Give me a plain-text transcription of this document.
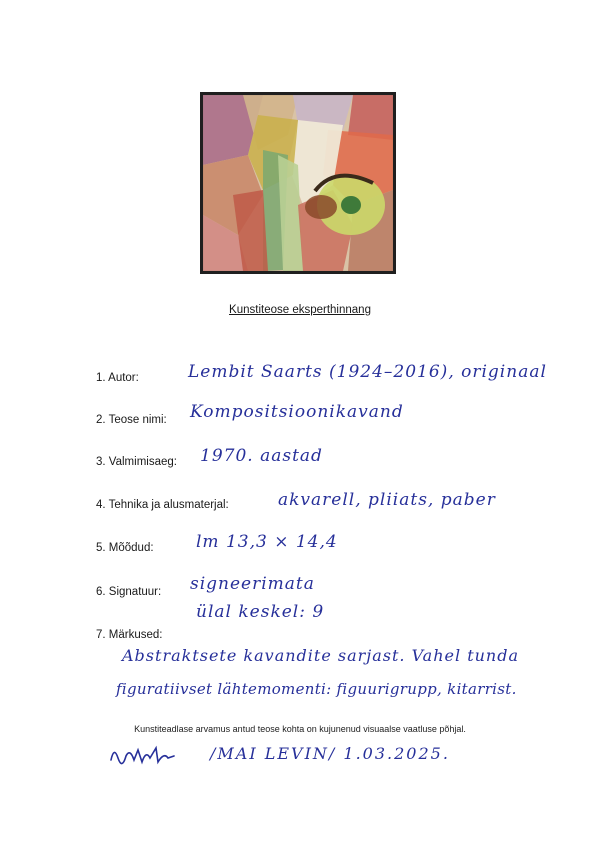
Kunstiteose eksperthinnang
1. Autor:	Lembit Saarts (1924–2016), originaal
2. Teose nimi: Kompositsioonikavand
3. Valmimisaeg: 1970. aastad
4. Tehnika ja alusmaterjal:	akvarell, pliiats, paber
5. Mõõdud: lm 13,3 × 14,4
6. Signatuur: signeerimata
ülal keskel: 9
7. Märkused:
Abstraktsete kavandite sarjast. Vahel tunda
figuratiivset lähtemomenti: figuurigrupp, kitarrist.
Kunstiteadlase arvamus antud teose kohta on kujunenud visuaalse vaatluse põhjal.
/MAI LEVIN/ 1.03.2025.
